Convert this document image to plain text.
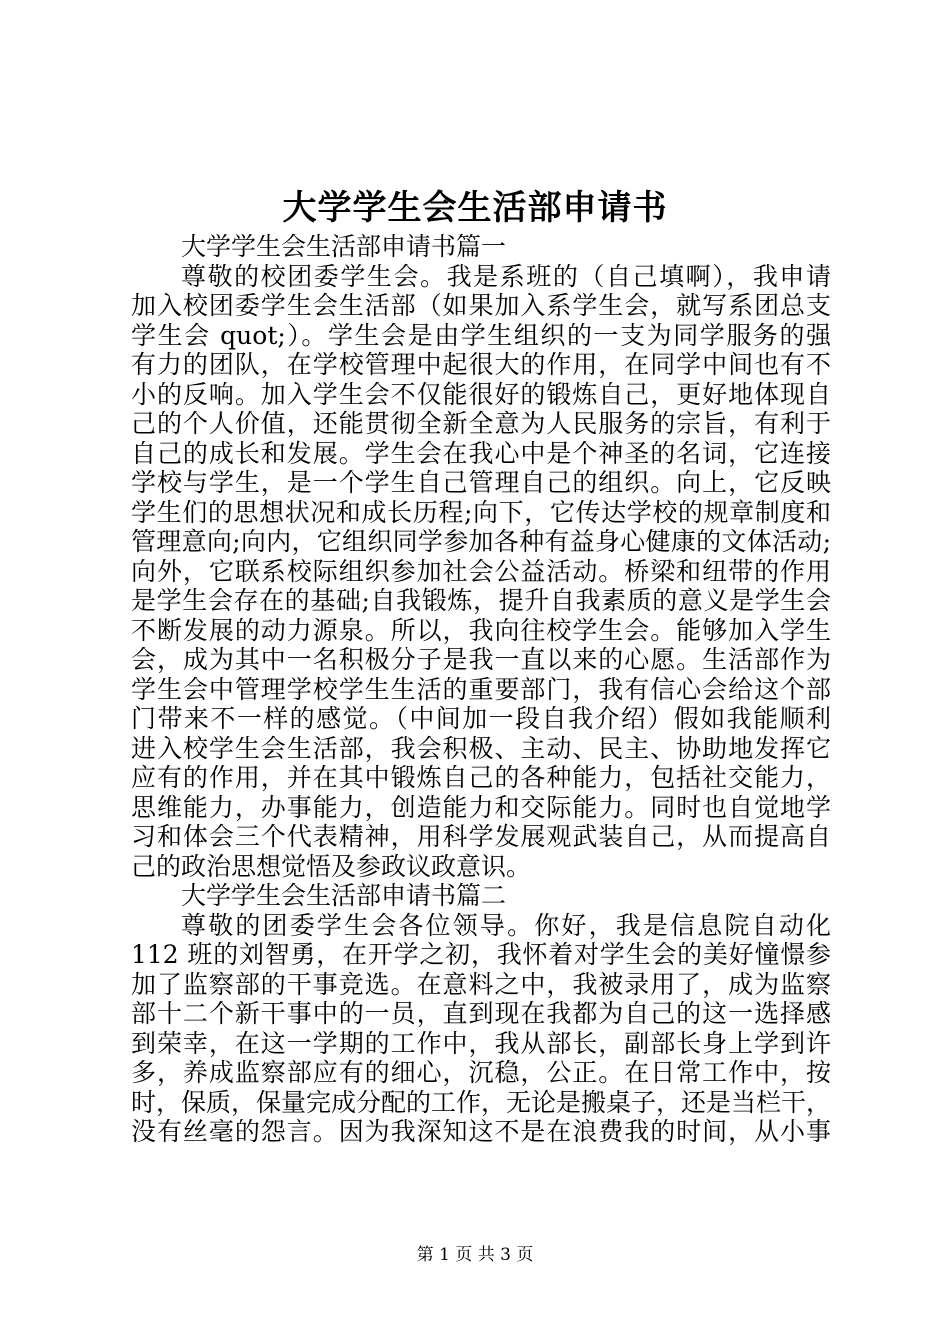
大学学生会生活部申请书
大学学生会生活部申请书篇一
尊敬的校团委学生会。我是系班的（自己填啊），我申请
加入校团委学生会生活部（如果加入系学生会，就写系团总支
学生会 quot;）。学生会是由学生组织的一支为同学服务的强
有力的团队，在学校管理中起很大的作用，在同学中间也有不
小的反响。加入学生会不仅能很好的锻炼自己，更好地体现自
己的个人价值，还能贯彻全新全意为人民服务的宗旨，有利于
自己的成长和发展。学生会在我心中是个神圣的名词，它连接
学校与学生，是一个学生自己管理自己的组织。向上，它反映
学生们的思想状况和成长历程;向下，它传达学校的规章制度和
管理意向;向内，它组织同学参加各种有益身心健康的文体活动;
向外，它联系校际组织参加社会公益活动。桥梁和纽带的作用
是学生会存在的基础;自我锻炼，提升自我素质的意义是学生会
不断发展的动力源泉。所以，我向往校学生会。能够加入学生
会，成为其中一名积极分子是我一直以来的心愿。生活部作为
学生会中管理学校学生生活的重要部门，我有信心会给这个部
门带来不一样的感觉。（中间加一段自我介绍）假如我能顺利
进入校学生会生活部，我会积极、主动、民主、协助地发挥它
应有的作用，并在其中锻炼自己的各种能力，包括社交能力，
思维能力，办事能力，创造能力和交际能力。同时也自觉地学
习和体会三个代表精神，用科学发展观武装自己，从而提高自
己的政治思想觉悟及参政议政意识。
大学学生会生活部申请书篇二
尊敬的团委学生会各位领导。你好，我是信息院自动化
112 班的刘智勇，在开学之初，我怀着对学生会的美好憧憬参
加了监察部的干事竞选。在意料之中，我被录用了，成为监察
部十二个新干事中的一员，直到现在我都为自己的这一选择感
到荣幸，在这一学期的工作中，我从部长，副部长身上学到许
多，养成监察部应有的细心，沉稳，公正。在日常工作中，按
时，保质，保量完成分配的工作，无论是搬桌子，还是当栏干，
没有丝毫的怨言。因为我深知这不是在浪费我的时间，从小事

第 1 页 共 3 页
